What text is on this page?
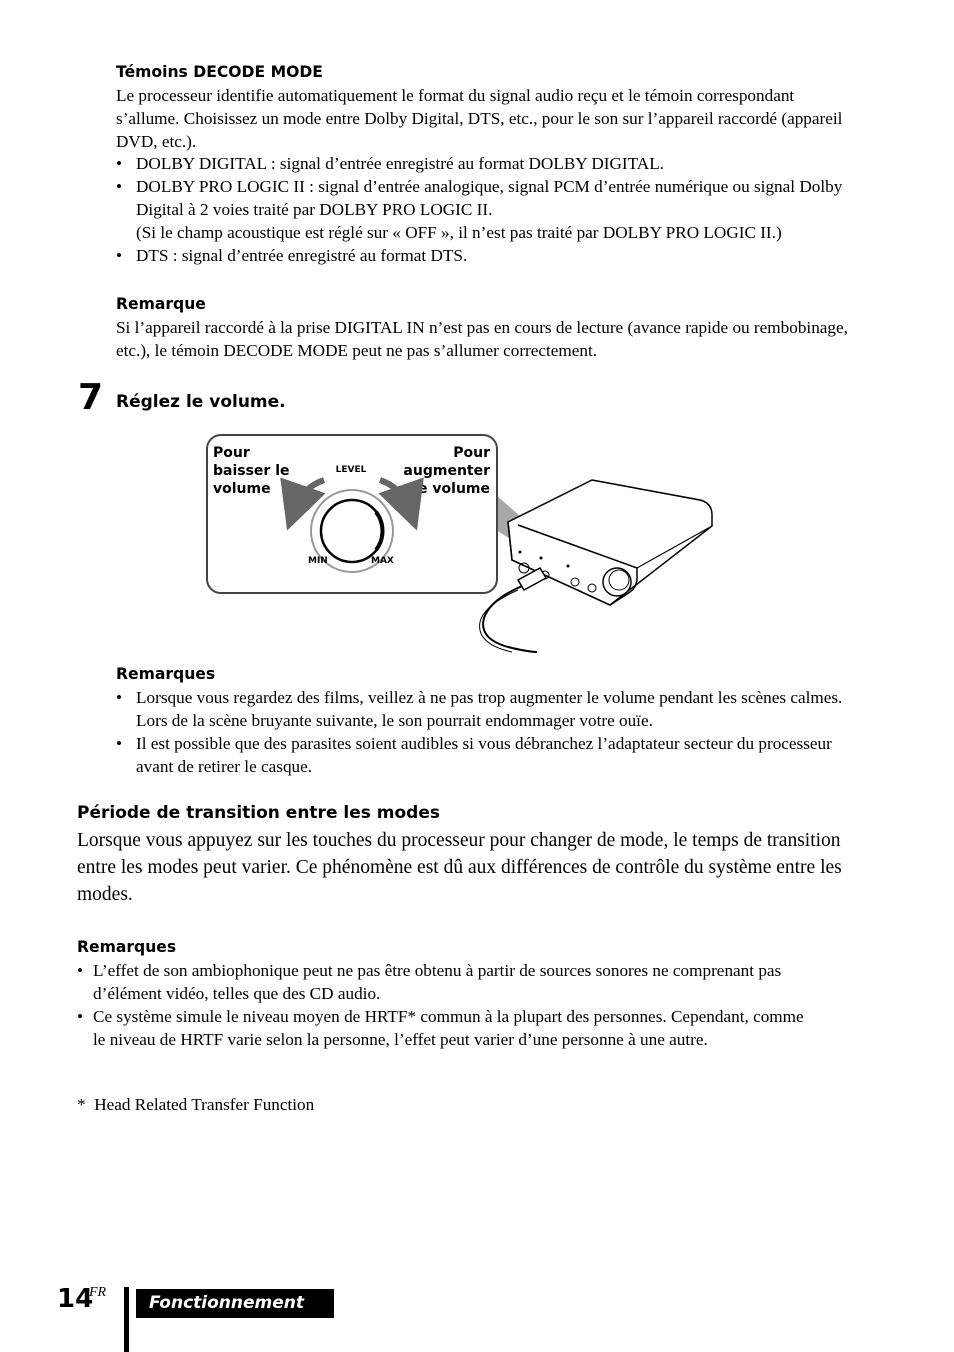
Témoins DECODE MODE

Le processeur identifie automatiquement le format du signal audio reçu et le témoin correspondant s’allume. Choisissez un mode entre Dolby Digital, DTS, etc., pour le son sur l’appareil raccordé (appareil DVD, etc.).

• DOLBY DIGITAL : signal d’entrée enregistré au format DOLBY DIGITAL.
• DOLBY PRO LOGIC II : signal d’entrée analogique, signal PCM d’entrée numérique ou signal Dolby Digital à 2 voies traité par DOLBY PRO LOGIC II.
(Si le champ acoustique est réglé sur « OFF », il n’est pas traité par DOLBY PRO LOGIC II.)
• DTS : signal d’entrée enregistré au format DTS.
Remarque

Si l’appareil raccordé à la prise DIGITAL IN n’est pas en cours de lecture (avance rapide ou rembobinage, etc.), le témoin DECODE MODE peut ne pas s’allumer correctement.

7 Réglez le volume.
Pour
baisser le
volume
Pour
augmenter
le volume
LEVEL
MIN	MAX
Remarques
• Lorsque vous regardez des films, veillez à ne pas trop augmenter le volume pendant les scènes calmes. Lors de la scène bruyante suivante, le son pourrait endommager votre ouïe.
• Il est possible que des parasites soient audibles si vous débranchez l’adaptateur secteur du processeur avant de retirer le casque.
Période de transition entre les modes

Lorsque vous appuyez sur les touches du processeur pour changer de mode, le temps de transition entre les modes peut varier. Ce phénomène est dû aux différences de contrôle du système entre les modes.

Remarques
• L’effet de son ambiophonique peut ne pas être obtenu à partir de sources sonores ne comprenant pas d’élément vidéo, telles que des CD audio.
• Ce système simule le niveau moyen de HRTF* commun à la plupart des personnes. Cependant, comme le niveau de HRTF varie selon la personne, l’effet peut varier d’une personne à une autre.
*  Head Related Transfer Function
14
FR
Fonctionnement
